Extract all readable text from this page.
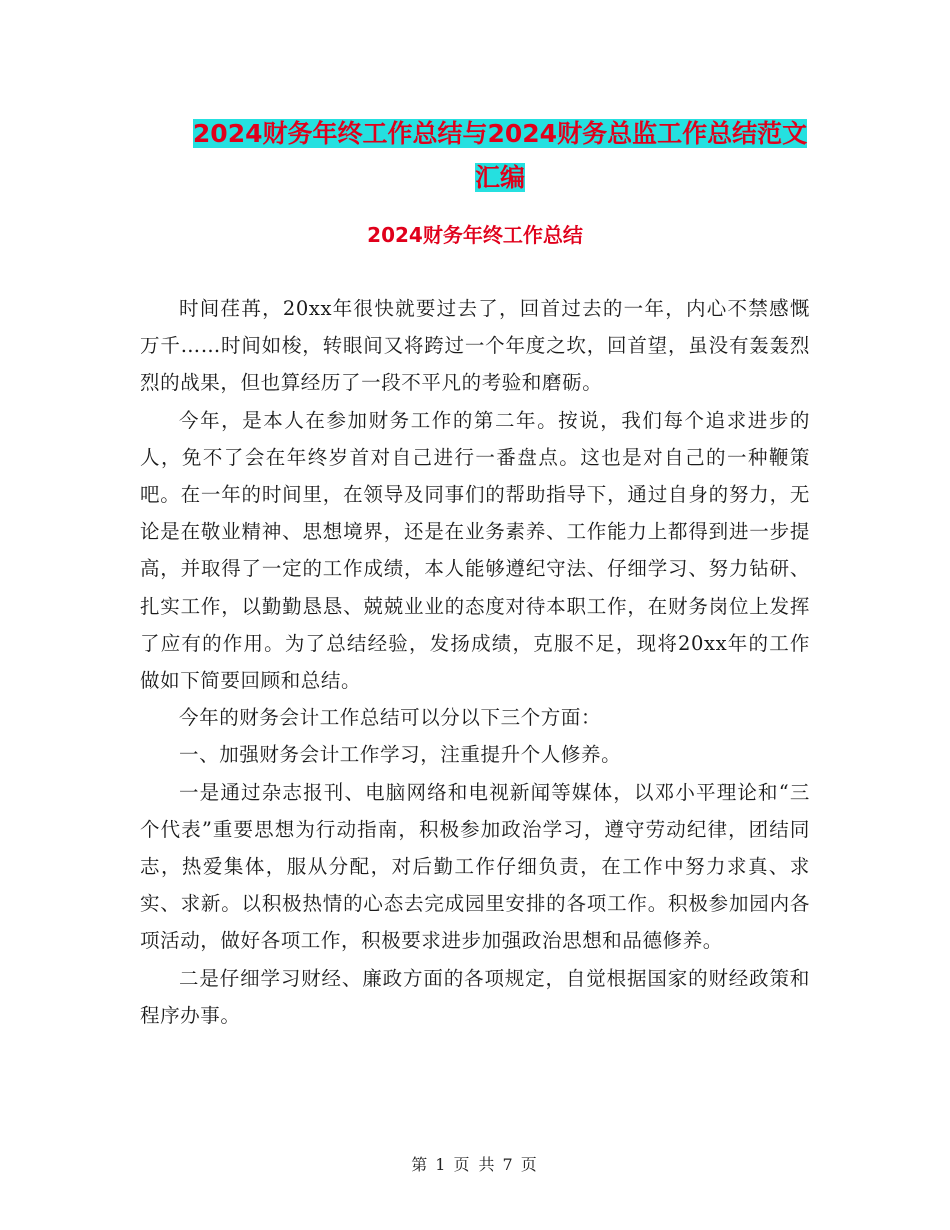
2024财务年终工作总结与2024财务总监工作总结范文
汇编
2024财务年终工作总结

时间荏苒，20xx年很快就要过去了，回首过去的一年，内心不禁感慨万千……时间如梭，转眼间又将跨过一个年度之坎，回首望，虽没有轰轰烈烈的战果，但也算经历了一段不平凡的考验和磨砺。

今年，是本人在参加财务工作的第二年。按说，我们每个追求进步的人，免不了会在年终岁首对自己进行一番盘点。这也是对自己的一种鞭策吧。在一年的时间里，在领导及同事们的帮助指导下，通过自身的努力，无论是在敬业精神、思想境界，还是在业务素养、工作能力上都得到进一步提高，并取得了一定的工作成绩，本人能够遵纪守法、仔细学习、努力钻研、扎实工作，以勤勤恳恳、兢兢业业的态度对待本职工作，在财务岗位上发挥了应有的作用。为了总结经验，发扬成绩，克服不足，现将20xx年的工作做如下简要回顾和总结。

今年的财务会计工作总结可以分以下三个方面：

一、加强财务会计工作学习，注重提升个人修养。

一是通过杂志报刊、电脑网络和电视新闻等媒体，以邓小平理论和“三个代表”重要思想为行动指南，积极参加政治学习，遵守劳动纪律，团结同志，热爱集体，服从分配，对后勤工作仔细负责，在工作中努力求真、求实、求新。以积极热情的心态去完成园里安排的各项工作。积极参加园内各项活动，做好各项工作，积极要求进步加强政治思想和品德修养。

二是仔细学习财经、廉政方面的各项规定，自觉根据国家的财经政策和程序办事。

第 1 页 共 7 页
